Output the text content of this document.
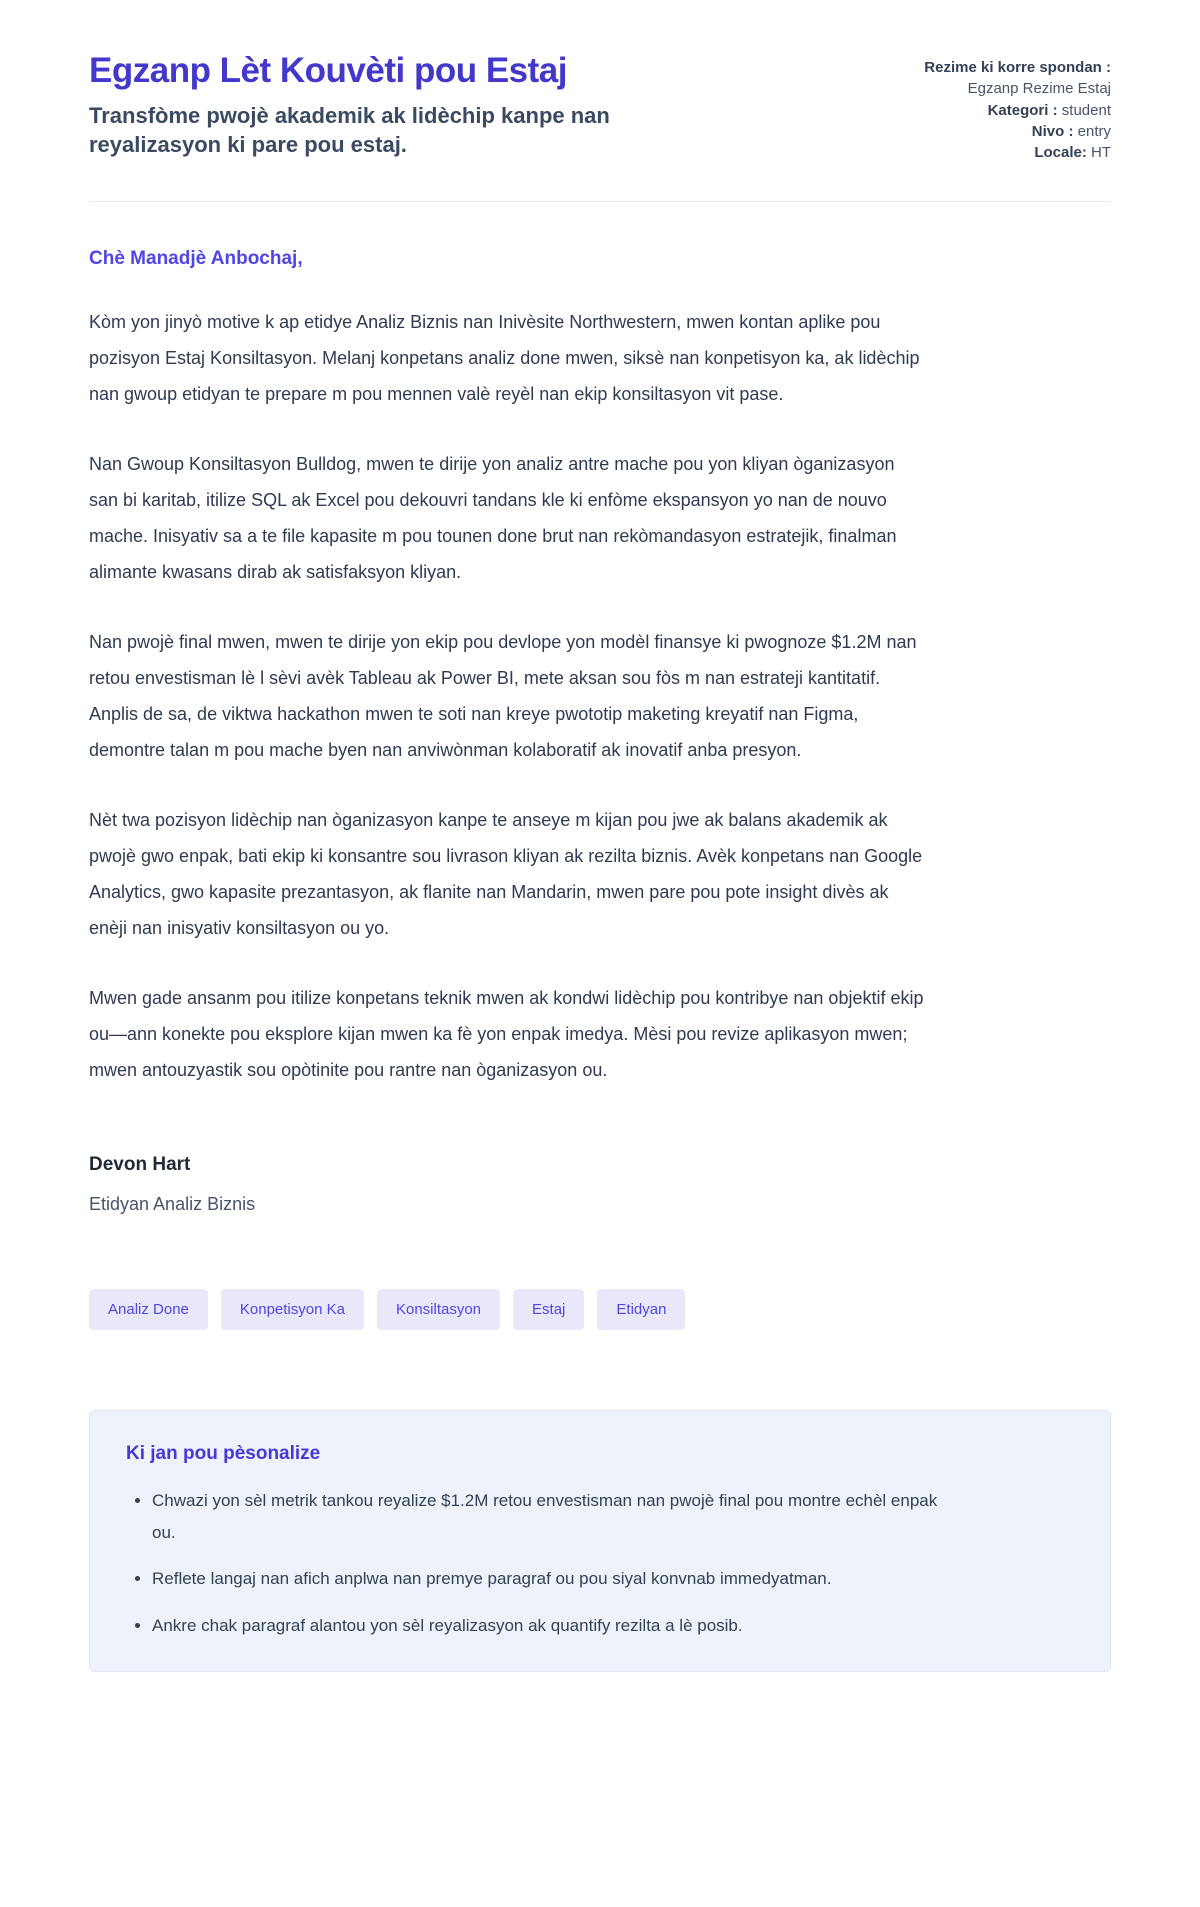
Egzanp Lèt Kouvèti pou Estaj
Transfòme pwojè akademik ak lidèchip kanpe nan reyalizasyon ki pare pou estaj.
Rezime ki korre spondan :
Egzanp Rezime Estaj
Kategori : student
Nivo : entry
Locale: HT
Chè Manadjè Anbochaj,

Kòm yon jinyò motive k ap etidye Analiz Biznis nan Inivèsite Northwestern, mwen kontan aplike pou pozisyon Estaj Konsiltasyon. Melanj konpetans analiz done mwen, siksè nan konpetisyon ka, ak lidèchip nan gwoup etidyan te prepare m pou mennen valè reyèl nan ekip konsiltasyon vit pase.

Nan Gwoup Konsiltasyon Bulldog, mwen te dirije yon analiz antre mache pou yon kliyan òganizasyon san bi karitab, itilize SQL ak Excel pou dekouvri tandans kle ki enfòme ekspansyon yo nan de nouvo mache. Inisyativ sa a te file kapasite m pou tounen done brut nan rekòmandasyon estratejik, finalman alimante kwasans dirab ak satisfaksyon kliyan.

Nan pwojè final mwen, mwen te dirije yon ekip pou devlope yon modèl finansye ki pwognoze $1.2M nan retou envestisman lè l sèvi avèk Tableau ak Power BI, mete aksan sou fòs m nan estrateji kantitatif. Anplis de sa, de viktwa hackathon mwen te soti nan kreye pwototip maketing kreyatif nan Figma, demontre talan m pou mache byen nan anviwònman kolaboratif ak inovatif anba presyon.

Nèt twa pozisyon lidèchip nan òganizasyon kanpe te anseye m kijan pou jwe ak balans akademik ak pwojè gwo enpak, bati ekip ki konsantre sou livrason kliyan ak rezilta biznis. Avèk konpetans nan Google Analytics, gwo kapasite prezantasyon, ak flanite nan Mandarin, mwen pare pou pote insight divès ak enèji nan inisyativ konsiltasyon ou yo.

Mwen gade ansanm pou itilize konpetans teknik mwen ak kondwi lidèchip pou kontribye nan objektif ekip ou—ann konekte pou eksplore kijan mwen ka fè yon enpak imedya. Mèsi pou revize aplikasyon mwen; mwen antouzyastik sou opòtinite pou rantre nan òganizasyon ou.

Devon Hart
Etidyan Analiz Biznis
Analiz Done	Konpetisyon Ka	Konsiltasyon	Estaj	Etidyan
Ki jan pou pèsonalize
• Chwazi yon sèl metrik tankou reyalize $1.2M retou envestisman nan pwojè final pou montre echèl enpak ou.
• Reflete langaj nan afich anplwa nan premye paragraf ou pou siyal konvnab immedyatman.
• Ankre chak paragraf alantou yon sèl reyalizasyon ak quantify rezilta a lè posib.
